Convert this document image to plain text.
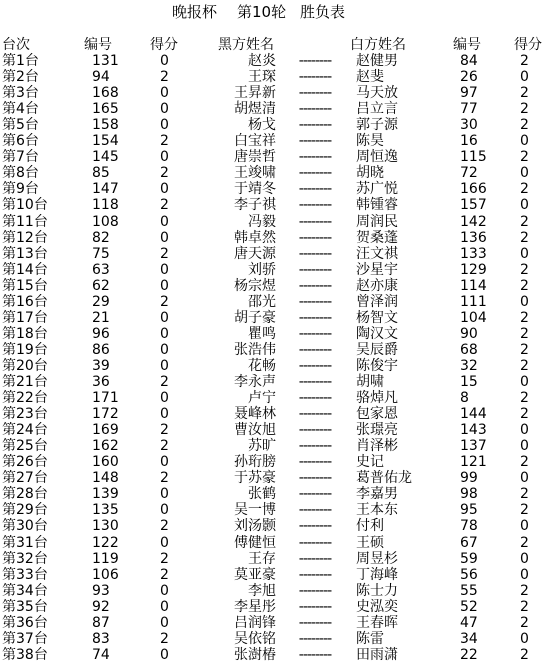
晚报杯

第10轮

胜负表

台次	编号	得分	黑方姓名	白方姓名	编号	得分
第1台	131	0	赵炎	--------	赵健男	84	2
第2台	94	2	王琛	--------	赵斐	26	0
第3台	168	0	王昇新	--------	马天放	97	2
第4台	165	0	胡煜清	--------	吕立言	77	2
第5台	158	0	杨戈	--------	郭子源	30	2
第6台	154	2	白宝祥	--------	陈昊	16	0
第7台	145	0	唐崇哲	--------	周恒逸	115	2
第8台	85	2	王竣啸	--------	胡晓	72	0
第9台	147	0	于靖冬	--------	苏广悦	166	2
第10台	118	2	李子祺	--------	韩锺睿	157	0
第11台	108	0	冯毅	--------	周润民	142	2
第12台	82	0	韩卓然	--------	贺桑蓬	136	2
第13台	75	2	唐天源	--------	汪文祺	133	0
第14台	63	0	刘骄	--------	沙星宇	129	2
第15台	62	0	杨宗煜	--------	赵亦康	114	2
第16台	29	2	邵光	--------	曾泽润	111	0
第17台	21	0	胡子豪	--------	杨智文	104	2
第18台	96	0	瞿鸣	--------	陶汉文	90	2
第19台	86	0	张浩伟	--------	吴辰爵	68	2
第20台	39	0	花畅	--------	陈俊宇	32	2
第21台	36	2	李永声	--------	胡啸	15	0
第22台	171	0	卢宁	--------	骆焯凡	8	2
第23台	172	0	聂峰林	--------	包家恩	144	2
第24台	169	2	曹汝旭	--------	张璟亮	143	0
第25台	162	2	苏旷	--------	肖泽彬	137	0
第26台	160	0	孙珩膀	--------	史记	121	2
第27台	148	2	于苏豪	--------	葛普佑龙	99	0
第28台	139	0	张鹤	--------	李嘉男	98	2
第29台	135	0	吴一博	--------	王本东	95	2
第30台	130	2	刘汤颢	--------	付利	78	0
第31台	122	0	傅健恒	--------	王硕	67	2
第32台	119	2	王存	--------	周昱杉	59	0
第33台	106	2	莫亚豪	--------	丁海峰	56	0
第34台	93	0	李旭	--------	陈士力	55	2
第35台	92	0	李星彤	--------	史泓奕	52	2
第36台	87	0	吕润锋	--------	王春晖	47	2
第37台	83	2	吴依铭	--------	陈雷	34	0
第38台	74	0	张澍椿	--------	田雨潇	22	2
